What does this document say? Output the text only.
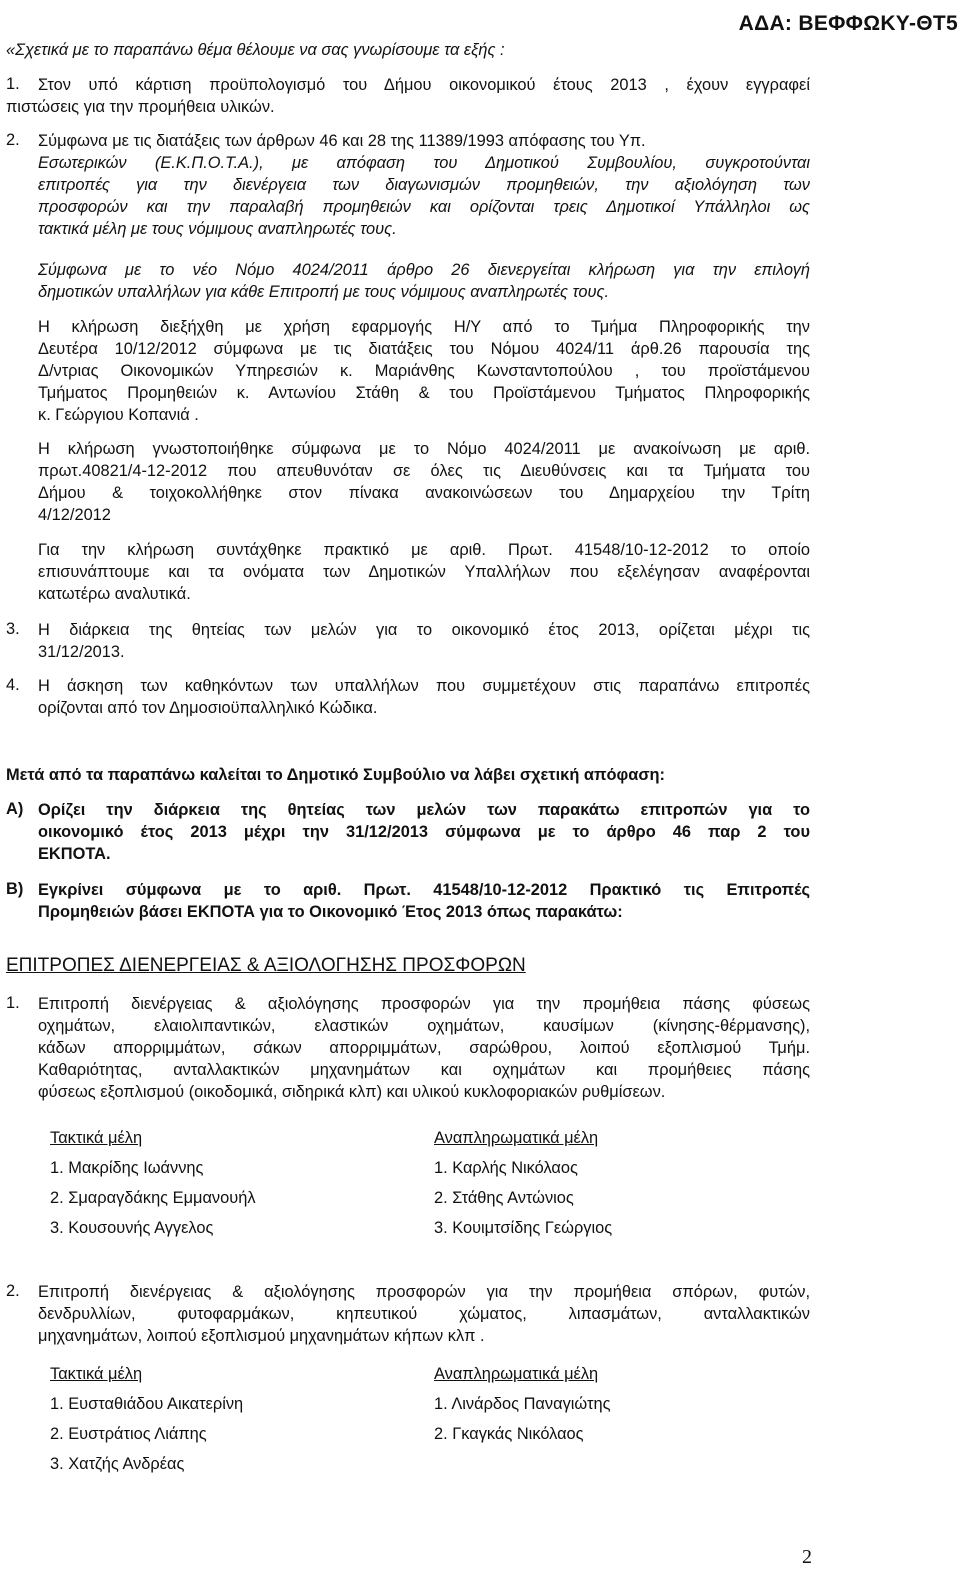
ΑΔΑ: ΒΕΦΦΩΚΥ-ΘΤ5
«Σχετικά με το παραπάνω θέμα θέλουμε να σας γνωρίσουμε τα εξής :
1. Στον υπό κάρτιση προϋπολογισμό του Δήμου οικονομικού έτους 2013 , έχουν εγγραφεί
πιστώσεις για την προμήθεια υλικών.
2. Σύμφωνα με τις διατάξεις των άρθρων 46 και 28 της 11389/1993 απόφασης του Υπ.
Εσωτερικών (Ε.Κ.Π.Ο.Τ.Α.), με απόφαση του Δημοτικού Συμβουλίου, συγκροτούνται
επιτροπές για την διενέργεια των διαγωνισμών προμηθειών, την αξιολόγηση των
προσφορών και την παραλαβή προμηθειών και ορίζονται τρεις Δημοτικοί Υπάλληλοι ως
τακτικά μέλη με τους νόμιμους αναπληρωτές τους.
Σύμφωνα με το νέο Νόμο 4024/2011 άρθρο 26 διενεργείται κλήρωση για την επιλογή
δημοτικών υπαλλήλων για κάθε Επιτροπή με τους νόμιμους αναπληρωτές τους.
Η κλήρωση διεξήχθη με χρήση εφαρμογής Η/Υ από το Τμήμα Πληροφορικής την
Δευτέρα 10/12/2012 σύμφωνα με τις διατάξεις του Νόμου 4024/11 άρθ.26 παρουσία της
Δ/ντριας Οικονομικών Υπηρεσιών κ. Μαριάνθης Κωνσταντοπούλου , του προϊστάμενου
Τμήματος Προμηθειών κ. Αντωνίου Στάθη & του Προϊστάμενου Τμήματος Πληροφορικής
κ. Γεώργιου Κοπανιά .
Η κλήρωση γνωστοποιήθηκε σύμφωνα με το Νόμο 4024/2011 με ανακοίνωση με αριθ.
πρωτ.40821/4-12-2012 που απευθυνόταν σε όλες τις Διευθύνσεις και τα Τμήματα του
Δήμου & τοιχοκολλήθηκε στον πίνακα ανακοινώσεων του Δημαρχείου την Τρίτη
4/12/2012
Για την κλήρωση συντάχθηκε πρακτικό με αριθ. Πρωτ. 41548/10-12-2012 το οποίο
επισυνάπτουμε και τα ονόματα των Δημοτικών Υπαλλήλων που εξελέγησαν αναφέρονται
κατωτέρω αναλυτικά.
3. Η διάρκεια της θητείας των μελών για το οικονομικό έτος 2013, ορίζεται μέχρι τις
31/12/2013.
4. Η άσκηση των καθηκόντων των υπαλλήλων που συμμετέχουν στις παραπάνω επιτροπές
ορίζονται από τον Δημοσιοϋπαλληλικό Κώδικα.
Μετά από τα παραπάνω καλείται το Δημοτικό Συμβούλιο να λάβει σχετική απόφαση:
Α) Ορίζει την διάρκεια της θητείας των μελών των παρακάτω επιτροπών για το
οικονομικό έτος 2013 μέχρι την 31/12/2013 σύμφωνα με το άρθρο 46 παρ 2 του
ΕΚΠΟΤΑ.
Β) Εγκρίνει σύμφωνα με το αριθ. Πρωτ. 41548/10-12-2012 Πρακτικό τις Επιτροπές
Προμηθειών βάσει ΕΚΠΟΤΑ για το Οικονομικό Έτος 2013 όπως παρακάτω:
ΕΠΙΤΡΟΠΕΣ ΔΙΕΝΕΡΓΕΙΑΣ & ΑΞΙΟΛΟΓΗΣΗΣ ΠΡΟΣΦΟΡΩΝ
1. Επιτροπή διενέργειας & αξιολόγησης προσφορών για την προμήθεια πάσης φύσεως
οχημάτων, ελαιολιπαντικών, ελαστικών οχημάτων, καυσίμων (κίνησης-θέρμανσης),
κάδων απορριμμάτων, σάκων απορριμμάτων, σαρώθρου, λοιπού εξοπλισμού Τμήμ.
Καθαριότητας, ανταλλακτικών μηχανημάτων και οχημάτων και προμήθειες πάσης
φύσεως εξοπλισμού (οικοδομικά, σιδηρικά κλπ) και υλικού κυκλοφοριακών ρυθμίσεων.
Τακτικά μέλη
1. Μακρίδης Ιωάννης
2. Σμαραγδάκης Εμμανουήλ
3. Κουσουνής Αγγελος
Αναπληρωματικά μέλη
1. Καρλής Νικόλαος
2. Στάθης Αντώνιος
3. Κουιμτσίδης Γεώργιος
2. Επιτροπή διενέργειας & αξιολόγησης προσφορών για την προμήθεια σπόρων, φυτών,
δενδρυλλίων, φυτοφαρμάκων, κηπευτικού χώματος, λιπασμάτων, ανταλλακτικών
μηχανημάτων, λοιπού εξοπλισμού μηχανημάτων κήπων κλπ .
Τακτικά μέλη
1. Ευσταθιάδου Αικατερίνη
2. Ευστράτιος Λιάπης
3. Χατζής Ανδρέας
Αναπληρωματικά μέλη
1. Λινάρδος Παναγιώτης
2. Γκαγκάς Νικόλαος
2
